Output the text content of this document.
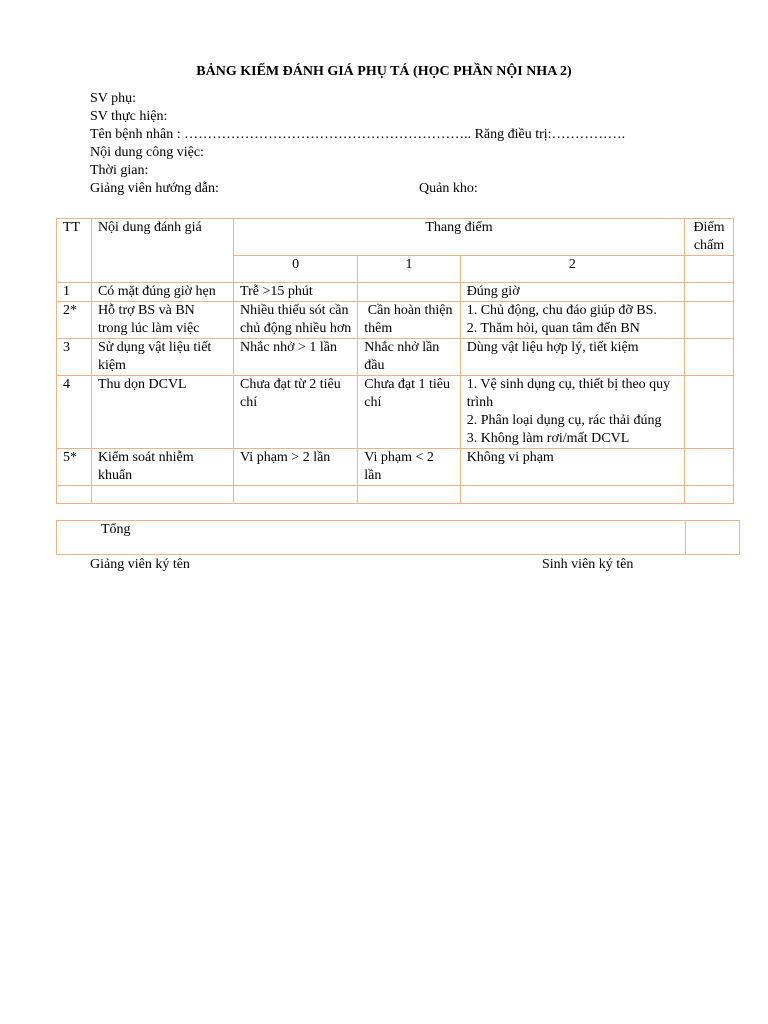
BẢNG KIẾM ĐÁNH GIÁ PHỤ TÁ (HỌC PHẦN NỘI NHA 2)
SV phụ:
SV thực hiện:
Tên bệnh nhân : …………………………………………………….. Răng điều trị:…………….
Nội dung công việc:
Thời gian:
Giảng viên hướng dẫn:	Quản kho:
TT	Nội dung đánh giá	Thang điểm			Điểm chấm
		0	1	2	
1	Có mặt đúng giờ hẹn	Trễ >15 phút		Đúng giờ	
2*	Hỗ trợ BS và BN trong lúc làm việc	Nhiều thiếu sót cần chủ động nhiều hơn	Cần hoàn thiện thêm	1. Chủ động, chu đáo giúp đỡ BS.
2. Thăm hỏi, quan tâm đến BN	
3	Sử dụng vật liệu tiết kiệm	Nhắc nhở > 1 lần	Nhắc nhở lần đầu	Dùng vật liệu hợp lý, tiết kiệm	
4	Thu dọn DCVL	Chưa đạt từ 2 tiêu chí	Chưa đạt 1 tiêu chí	1. Vệ sinh dụng cụ, thiết bị theo quy trình
2. Phân loại dụng cụ, rác thải đúng
3. Không làm rơi/mất DCVL	
5*	Kiểm soát nhiễm khuẩn	Vi phạm > 2 lần	Vi phạm < 2 lần	Không vi phạm	

Tổng
Giảng viên ký tên	Sinh viên ký tên
